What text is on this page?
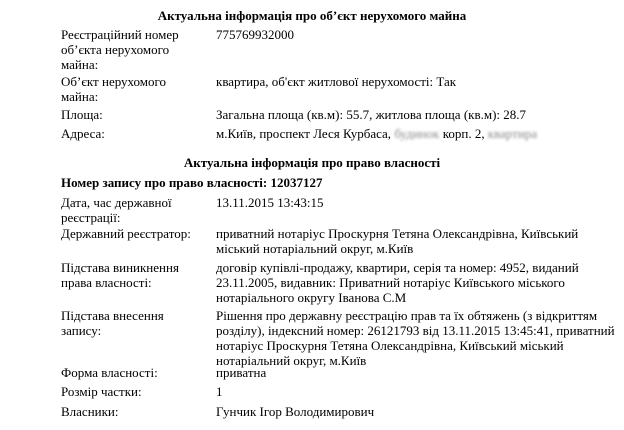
Актуальна інформація про об’єкт нерухомого майна
Реєстраційний номер об’єкта нерухомого майна:
775769932000
Об’єкт нерухомого майна:
квартира, об'єкт житлової нерухомості: Так
Площа:	Загальна площа (кв.м): 55.7, житлова площа (кв.м): 28.7
Адреса:	м.Київ, проспект Леся Курбаса, будинок корп. 2, квартира
Актуальна інформація про право власності
Номер запису про право власності: 12037127
Дата, час державної реєстрації:
13.11.2015 13:43:15
Державний реєстратор:	приватний нотаріус Проскурня Тетяна Олександрівна, Київський міський нотаріальний округ, м.Київ
Підстава виникнення права власності:
договір купівлі-продажу, квартири, серія та номер: 4952, виданий 23.11.2005, видавник: Приватний нотаріус Київського міського нотаріального округу Іванова С.М
Підстава внесення запису:
Рішення про державну реєстрацію прав та їх обтяжень (з відкриттям розділу), індексний номер: 26121793 від 13.11.2015 13:45:41, приватний нотаріус Проскурня Тетяна Олександрівна, Київський міський нотаріальний округ, м.Київ
Форма власності:	приватна
Розмір частки:	1
Власники:	Гунчик Ігор Володимирович
